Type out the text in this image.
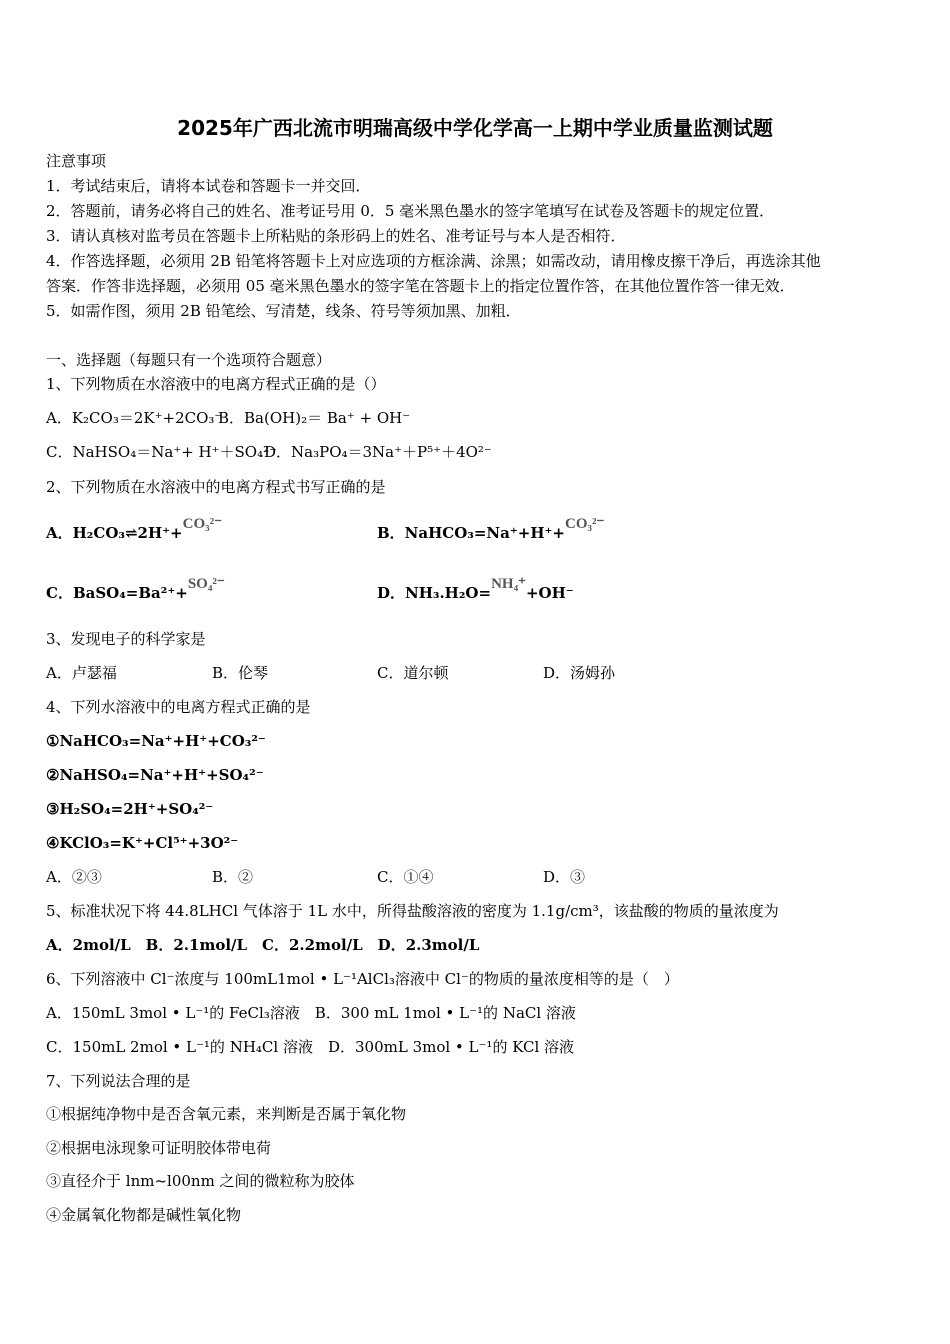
2025年广西北流市明瑞高级中学化学高一上期中学业质量监测试题
注意事项
1．考试结束后，请将本试卷和答题卡一并交回．
2．答题前，请务必将自己的姓名、准考证号用 0．5 毫米黑色墨水的签字笔填写在试卷及答题卡的规定位置．
3．请认真核对监考员在答题卡上所粘贴的条形码上的姓名、准考证号与本人是否相符．
4．作答选择题，必须用 2B 铅笔将答题卡上对应选项的方框涂满、涂黑；如需改动，请用橡皮擦干净后，再选涂其他
答案．作答非选择题，必须用 05 毫米黑色墨水的签字笔在答题卡上的指定位置作答，在其他位置作答一律无效．
5．如需作图，须用 2B 铅笔绘、写清楚，线条、符号等须加黑、加粗．
一、选择题（每题只有一个选项符合题意）
1、下列物质在水溶液中的电离方程式正确的是（）
A．K₂CO₃＝2K⁺+2CO₃⁻
B．Ba(OH)₂＝ Ba⁺ + OH⁻
C．NaHSO₄＝Na⁺+ H⁺＋SO₄²⁻
D．Na₃PO₄＝3Na⁺＋P⁵⁺＋4O²⁻
2、下列物质在水溶液中的电离方程式书写正确的是
A．H₂CO₃⇌2H⁺+CO₃²⁻	B．NaHCO₃=Na⁺+H⁺+CO₃²⁻
C．BaSO₄=Ba²⁺+SO₄²⁻	D．NH₃.H₂O=NH₄⁺+OH⁻
3、发现电子的科学家是
A．卢瑟福	B．伦琴	C．道尔顿	D．汤姆孙
4、下列水溶液中的电离方程式正确的是
①NaHCO₃=Na⁺+H⁺+CO₃²⁻
②NaHSO₄=Na⁺+H⁺+SO₄²⁻
③H₂SO₄=2H⁺+SO₄²⁻
④KClO₃=K⁺+Cl⁵⁺+3O²⁻
A．②③	B．②	C．①④	D．③
5、标准状况下将 44.8LHCl 气体溶于 1L 水中，所得盐酸溶液的密度为 1.1g/cm³，该盐酸的物质的量浓度为
A．2mol/L　B．2.1mol/L　C．2.2mol/L　D．2.3mol/L
6、下列溶液中 Cl⁻浓度与 100mL1mol • L⁻¹AlCl₃溶液中 Cl⁻的物质的量浓度相等的是（　）
A．150mL 3mol • L⁻¹的 FeCl₃溶液　B．300 mL 1mol • L⁻¹的 NaCl 溶液
C．150mL 2mol • L⁻¹的 NH₄Cl 溶液　D．300mL 3mol • L⁻¹的 KCl 溶液
7、下列说法合理的是
①根据纯净物中是否含氧元素，来判断是否属于氧化物
②根据电泳现象可证明胶体带电荷
③直径介于 lnm~l00nm 之间的微粒称为胶体
④金属氧化物都是碱性氧化物
